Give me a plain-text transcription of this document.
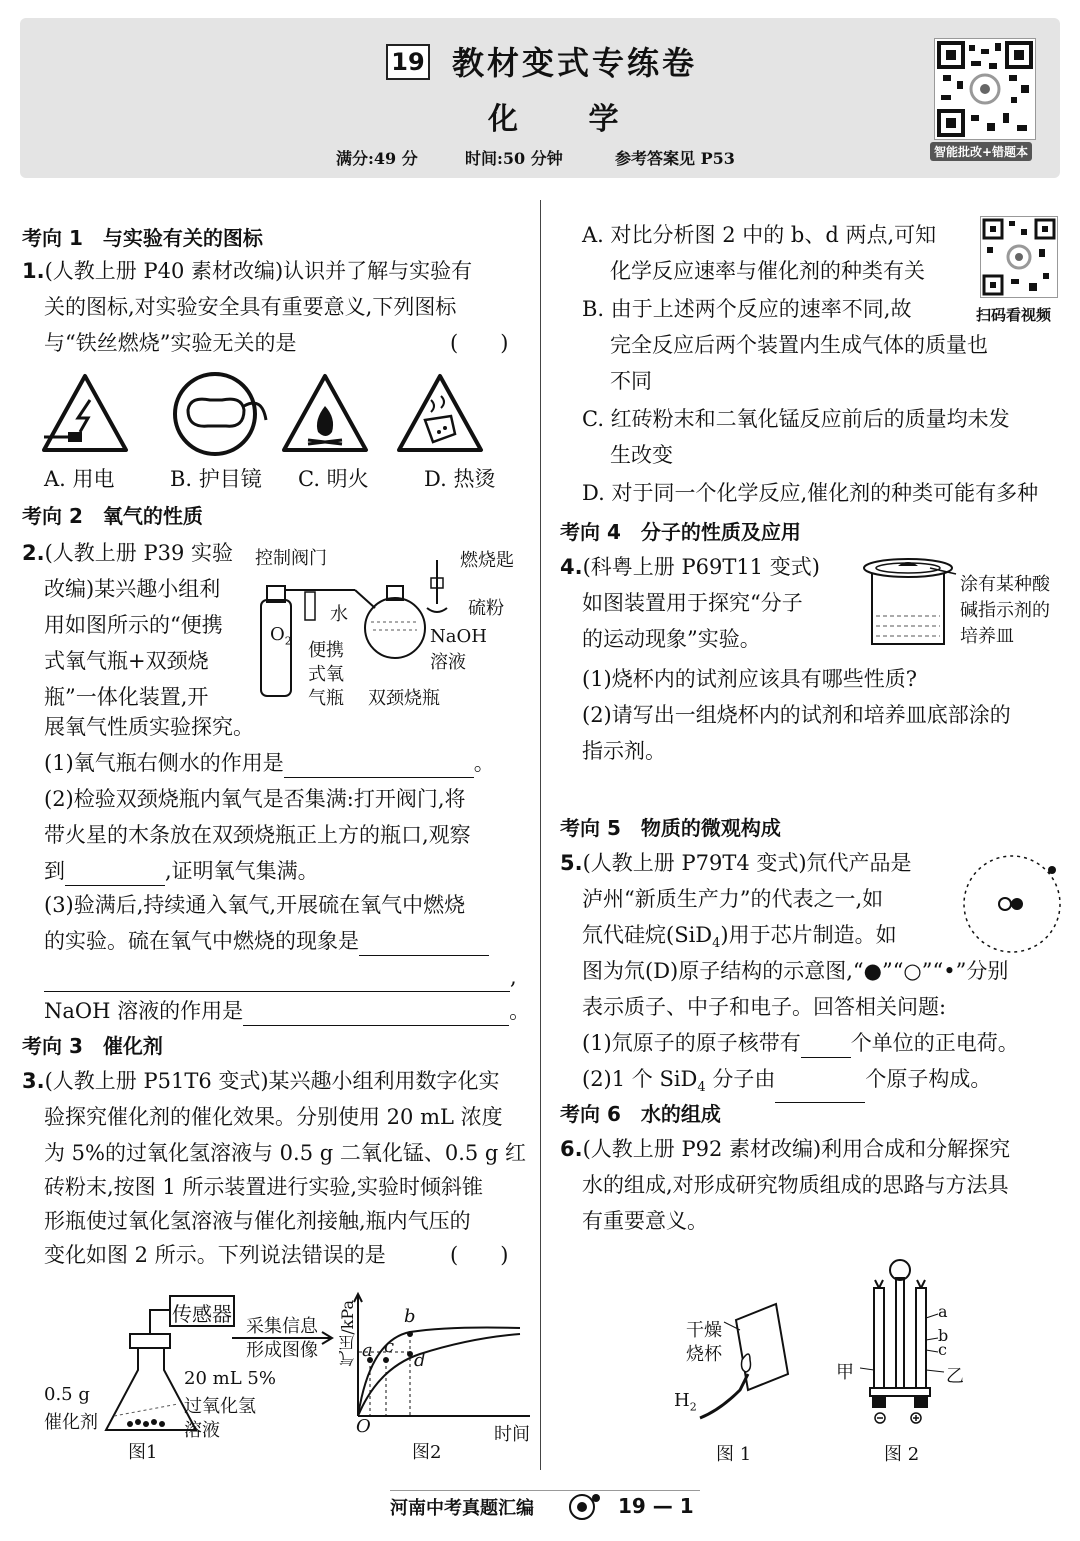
19 教材变式专练卷
化 学
满分:49 分	时间:50 分钟	参考答案见 P53	智能批改+错题本
考向 1　与实验有关的图标
1.(人教上册 P40 素材改编)认识并了解与实验有
关的图标,对实验安全具有重要意义,下列图标
与“铁丝燃烧”实验无关的是	(　　)
A. 用电	B. 护目镜 C. 明火	D. 热烫
考向 2　氧气的性质
2.(人教上册 P39 实验
改编)某兴趣小组利
用如图所示的“便携
式氧气瓶+双颈烧
瓶”一体化装置,开
展氧气性质实验探究。
控制阀门	燃烧匙
水	硫粉
$O_2$ 便携
式氧
气瓶
NaOH
溶液
双颈烧瓶
(1)氧气瓶右侧水的作用是	。
(2)检验双颈烧瓶内氧气是否集满:打开阀门,将
带火星的木条放在双颈烧瓶正上方的瓶口,观察
到	,证明氧气集满。
(3)验满后,持续通入氧气,开展硫在氧气中燃烧
的实验。硫在氧气中燃烧的现象是
,
NaOH 溶液的作用是	。
考向 3　催化剂
3.(人教上册 P51T6 变式)某兴趣小组利用数字化实
验探究催化剂的催化效果。分别使用 20 mL 浓度
为 5%的过氧化氢溶液与 0.5 g 二氧化锰、0.5 g 红
砖粉末,按图 1 所示装置进行实验,实验时倾斜锥
形瓶使过氧化氢溶液与催化剂接触,瓶内气压的
变化如图 2 所示。下列说法错误的是	(　　)
传感器
采集信息
形成图像
0.5 g
催化剂
20 mL 5%
过氧化氢
溶液
图1
气压/kPa
时间
O
a
b
c
d
图2
A. 对比分析图 2 中的 b、d 两点,可知
化学反应速率与催化剂的种类有关
B. 由于上述两个反应的速率不同,故
完全反应后两个装置内生成气体的质量也
不同
C. 红砖粉末和二氧化锰反应前后的质量均未发
生改变
D. 对于同一个化学反应,催化剂的种类可能有多种
扫码看视频
考向 4　分子的性质及应用
4.(科粤上册 P69T11 变式)
如图装置用于探究“分子
的运动现象”实验。
涂有某种酸
碱指示剂的
培养皿
(1)烧杯内的试剂应该具有哪些性质?
(2)请写出一组烧杯内的试剂和培养皿底部涂的
指示剂。
考向 5　物质的微观构成
5.(人教上册 P79T4 变式)氘代产品是
泸州“新质生产力”的代表之一,如
氘代硅烷(SiD$_4$)用于芯片制造。如
图为氘(D)原子结构的示意图,“●”“○”“•”分别
表示质子、中子和电子。回答相关问题:
(1)氘原子的原子核带有 个单位的正电荷。
(2)1 个 SiD$_4$ 分子由	个原子构成。
考向 6　水的组成
6.(人教上册 P92 素材改编)利用合成和分解探究
水的组成,对形成研究物质组成的思路与方法具
有重要意义。
干燥
烧杯
$H_2$
图 1
a
b
c
甲	乙
图 2
河南中考真题汇编	19 — 1
